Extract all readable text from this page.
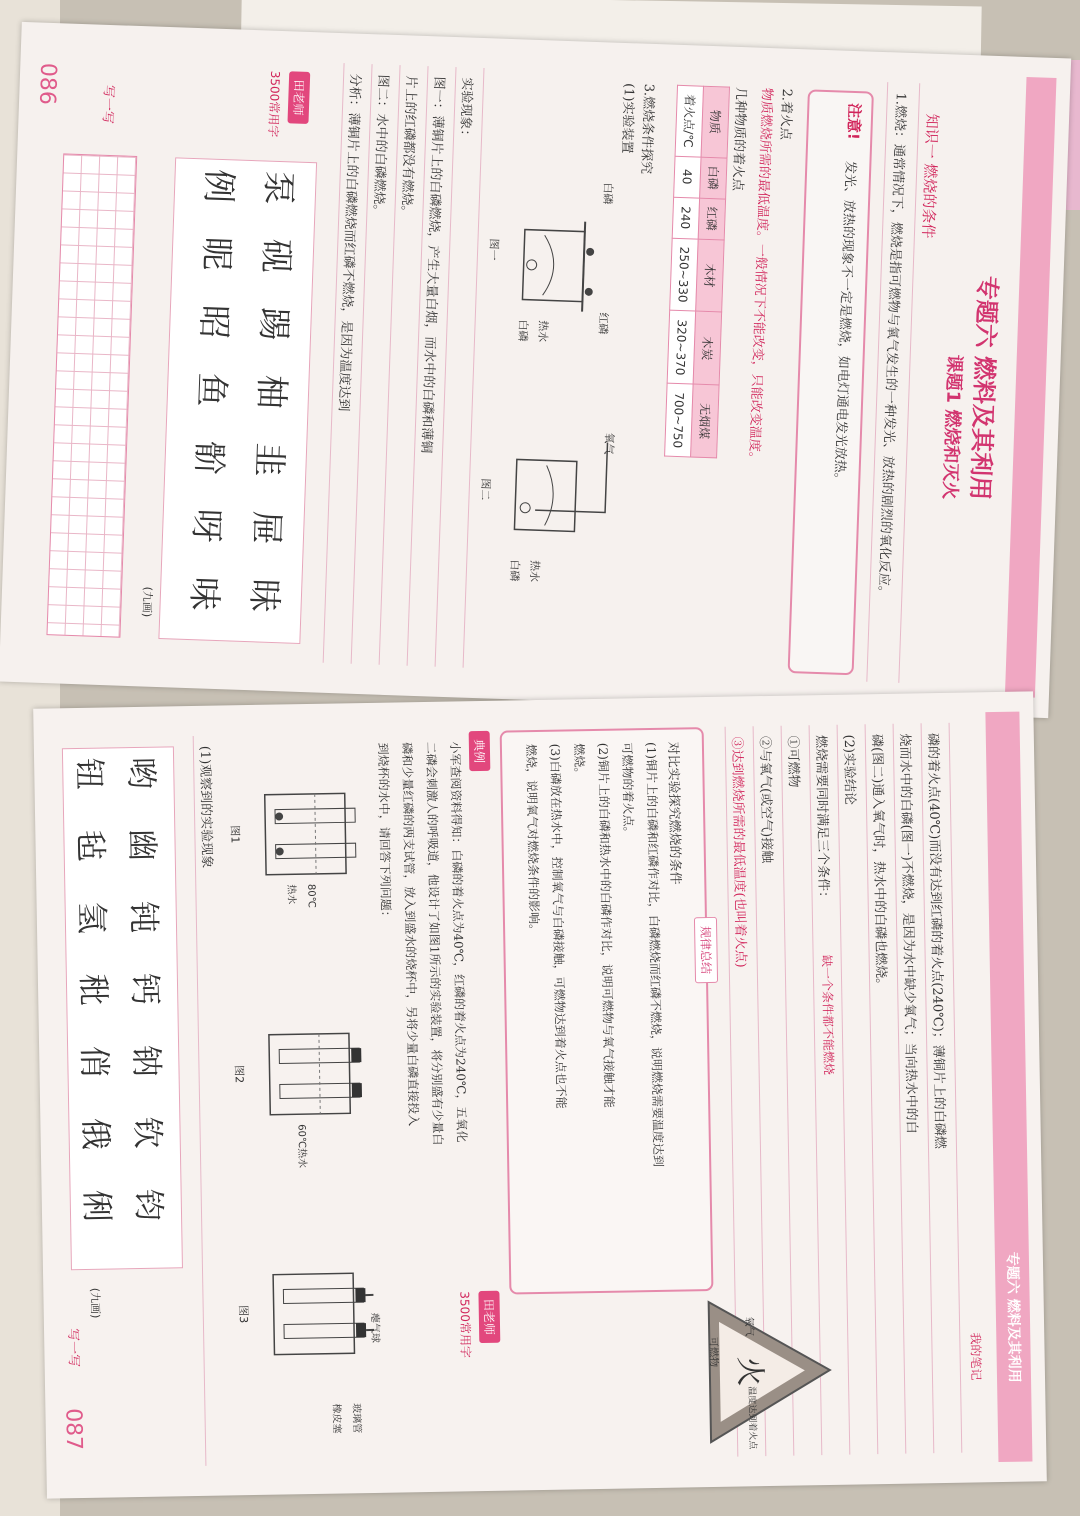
专题六 燃料及其利用
课题1 燃烧和灭火
知识一 燃烧的条件
1.燃烧：通常情况下，燃烧是指可燃物与氧气发生的一种发光、放热的剧烈的氧化反应。
注意!
发光、放热的现象不一定是燃烧，如电灯通电发光放热。
2.着火点
物质燃烧所需的最低温度。一般情况下不能改变，只能改变温度。
几种物质的着火点
物质	白磷	红磷	木材	木炭	无烟煤
着火点/℃	40	240	250~330	320~370	700~750
3.燃烧条件探究
(1)实验装置
白磷
红磷
热水
白磷
图一
氧气
热水
白磷
图二
实验现象：
图一：薄铜片上的白磷燃烧，产生大量白烟，而水中的白磷和薄铜
片上的红磷都没有燃烧。
图二：水中的白磷燃烧。
分析：薄铜片上的白磷燃烧而红磷不燃烧，是因为温度达到
田老师
3500常用字
泵
例
砚
昵
踢
昭
柚
鱼
韭
骱
屉
呀
昧
味
(九画)
写一写
086
专题六 燃料及其利用
我的笔记
磷的着火点(40℃)而没有达到红磷的着火点(240℃)；薄铜片上的白磷燃
烧而水中的白磷(图一)不燃烧，是因为水中缺少氧气；当向热水中的白
磷(图二)通入氧气时，热水中的白磷也燃烧。
(2)实验结论
燃烧需要同时满足三个条件：
缺一个条件都不能燃烧
①可燃物
②与氧气(或空气)接触
③达到燃烧所需的最低温度(也叫着火点)
可燃物
火
氧气
温度达到着火点
规律总结
对比实验探究燃烧的条件
(1)铜片上的白磷和红磷作对比，白磷燃烧而红磷不燃烧，说明燃烧需要温度达到
可燃物的着火点。
(2)铜片上的白磷和热水中的白磷作对比，说明可燃物与氧气接触才能
燃烧。
(3)白磷放在热水中，控制氧气与白磷接触，可燃物达到着火点也不能
燃烧，说明氧气对燃烧条件的影响。
典例
小军查阅资料得知：白磷的着火点为40℃，红磷的着火点为240℃，五氧化
二磷会刺激人的呼吸道，他设计了如图1所示的实验装置，将分别盛有少量白
磷和少量红磷的两支试管，放入到盛水的烧杯中，另将少量白磷直接投入
到烧杯的水中，请回答下列问题：
图1
80℃
热水
图2
60℃热水
图3
玻璃管
橡皮塞
瘪气球
(1)观察到的实验现象
田老师
3500常用字
哟
钮
幽
毡
钝
氢
钙
秕
钠
俏
钦
俄
钧
俐
(九画)
写一写
087
